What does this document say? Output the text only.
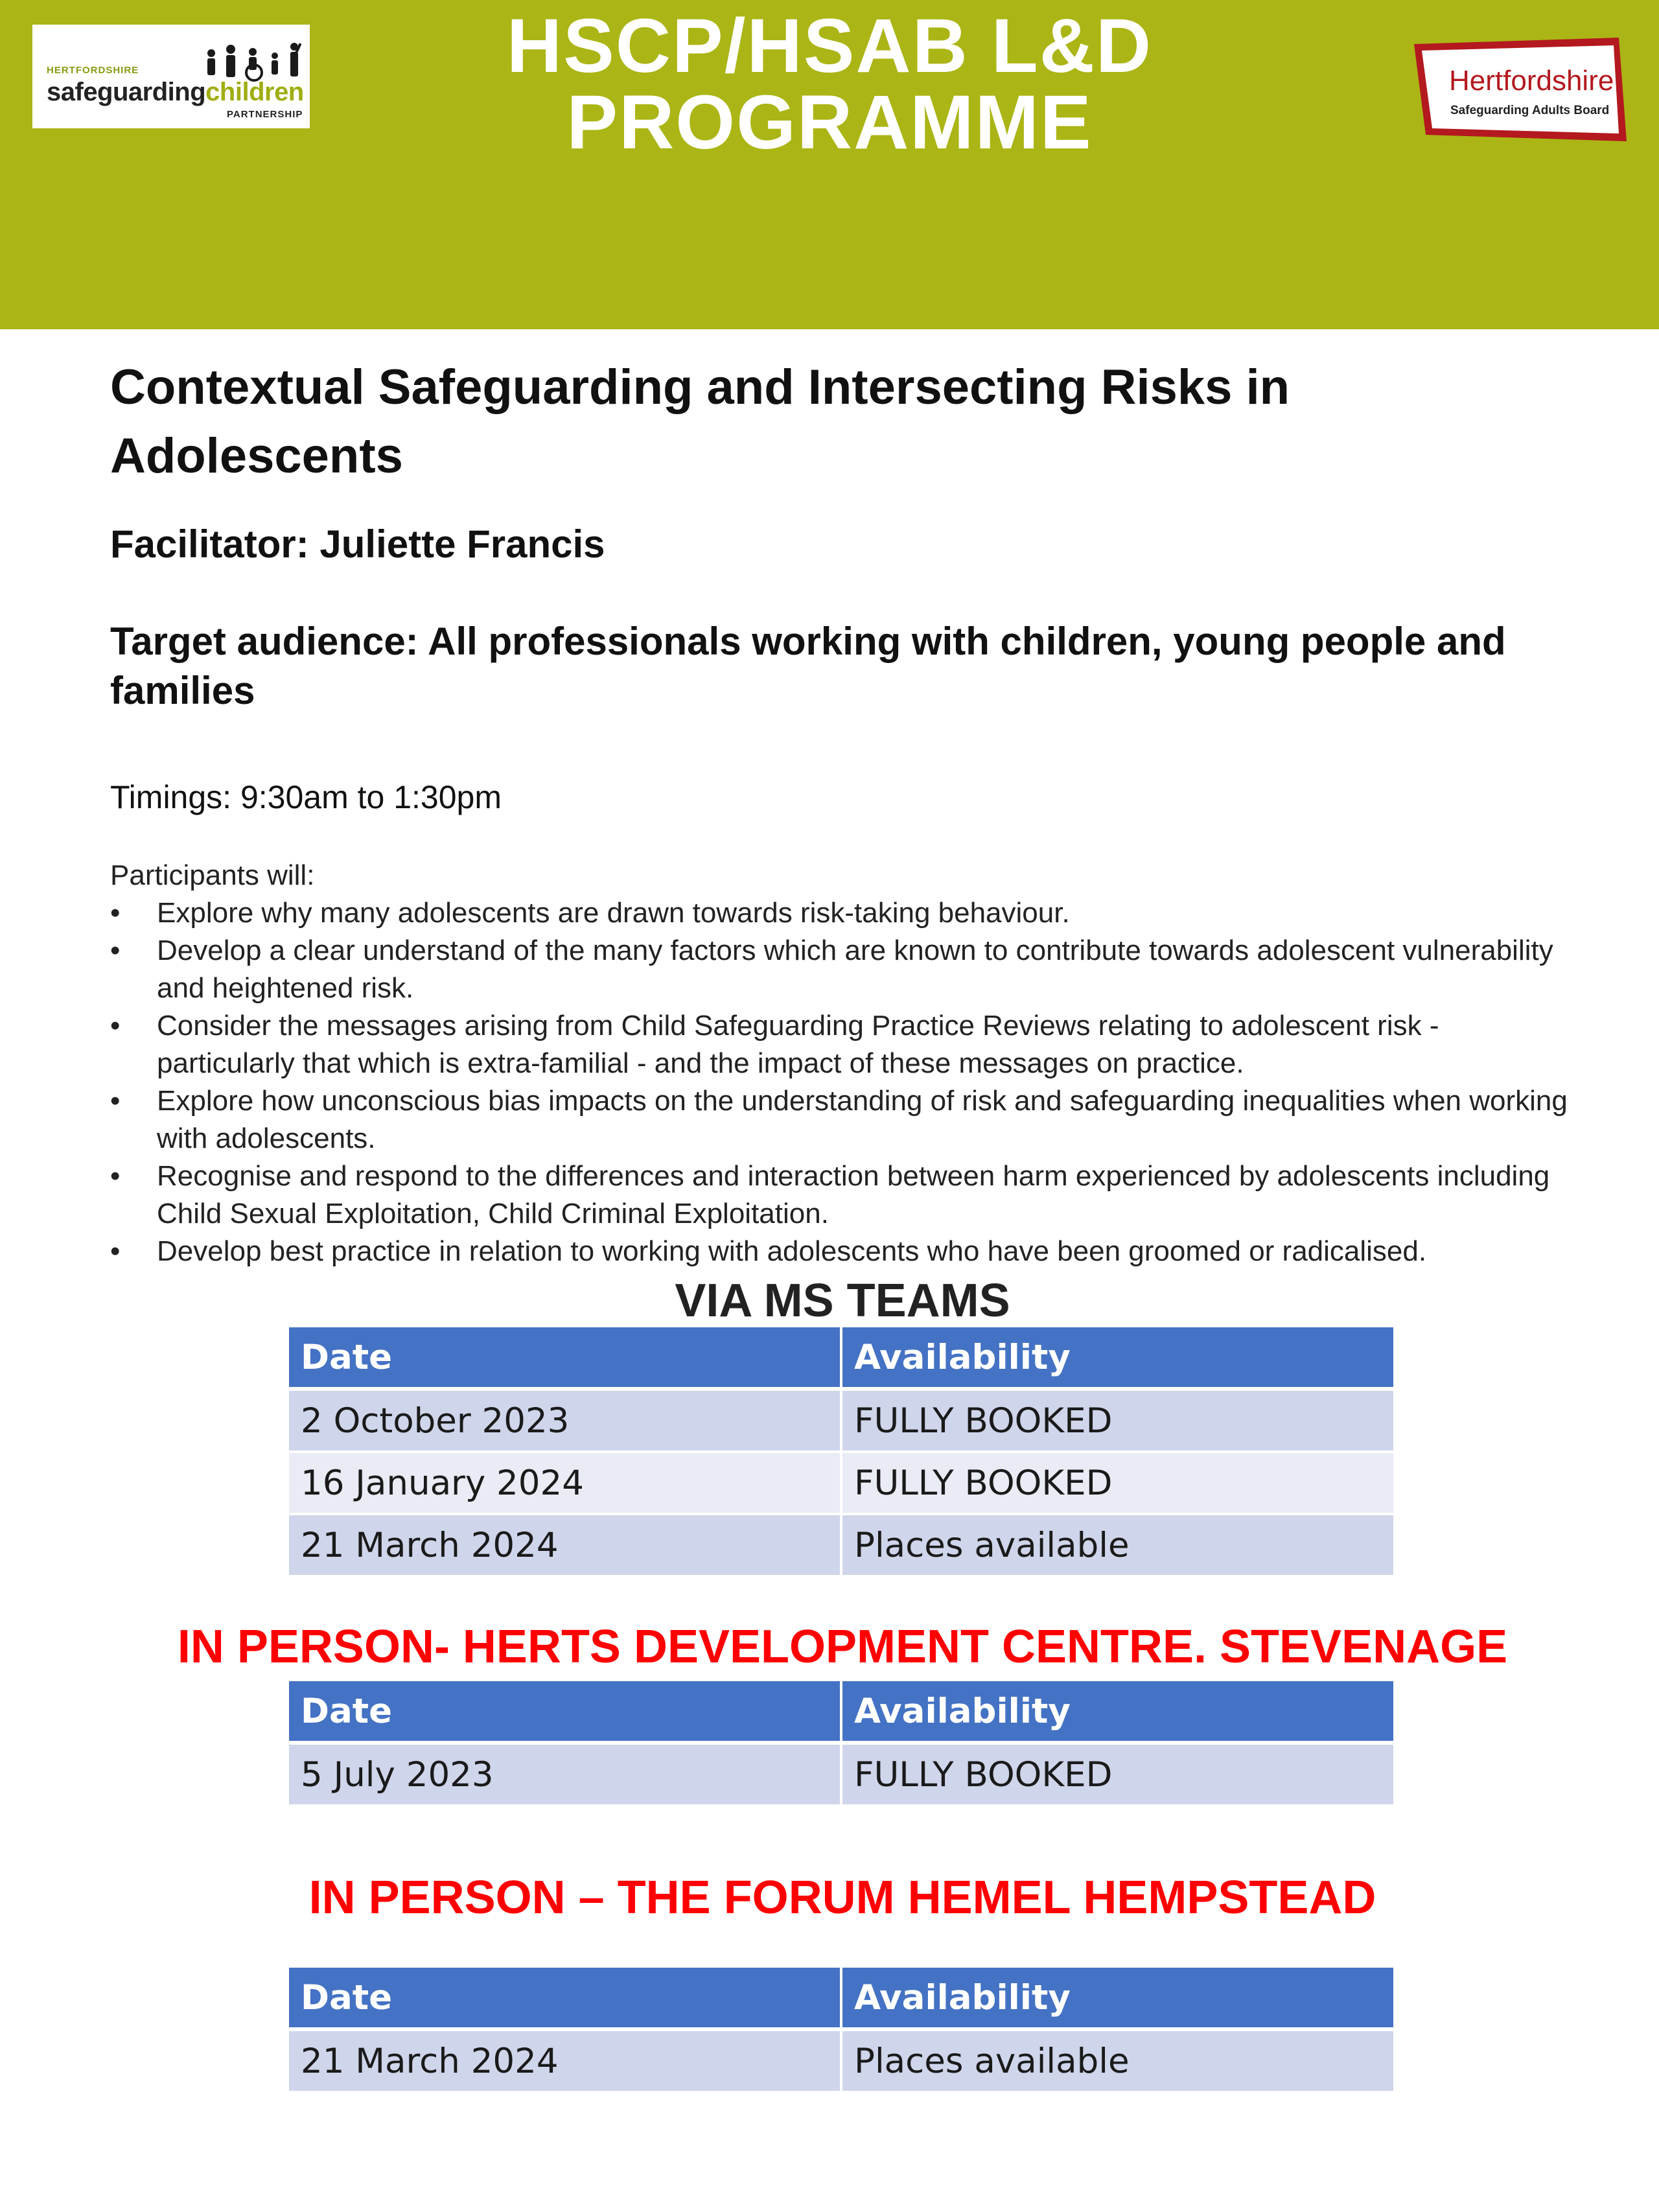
HERTFORDSHIRE
safeguardingchildren
PARTNERSHIP
HSCP/HSAB L&D
PROGRAMME	Hertfordshire
Safeguarding Adults Board
Contextual Safeguarding and Intersecting Risks in Adolescents
Facilitator: Juliette Francis
Target audience: All professionals working with children, young people and families
Timings: 9:30am to 1:30pm
Participants will:
• Explore why many adolescents are drawn towards risk-taking behaviour.
• Develop a clear understand of the many factors which are known to contribute towards adolescent vulnerability and heightened risk.
• Consider the messages arising from Child Safeguarding Practice Reviews relating to adolescent risk - particularly that which is extra-familial - and the impact of these messages on practice.
• Explore how unconscious bias impacts on the understanding of risk and safeguarding inequalities when working with adolescents.
• Recognise and respond to the differences and interaction between harm experienced by adolescents including Child Sexual Exploitation, Child Criminal Exploitation.
• Develop best practice in relation to working with adolescents who have been groomed or radicalised.
VIA MS TEAMS
Date	Availability
2 October 2023	FULLY BOOKED
16 January 2024	FULLY BOOKED
21 March 2024	Places available
IN PERSON- HERTS DEVELOPMENT CENTRE. STEVENAGE
Date	Availability
5 July 2023	FULLY BOOKED
IN PERSON – THE FORUM HEMEL HEMPSTEAD
Date	Availability
21 March 2024	Places available
